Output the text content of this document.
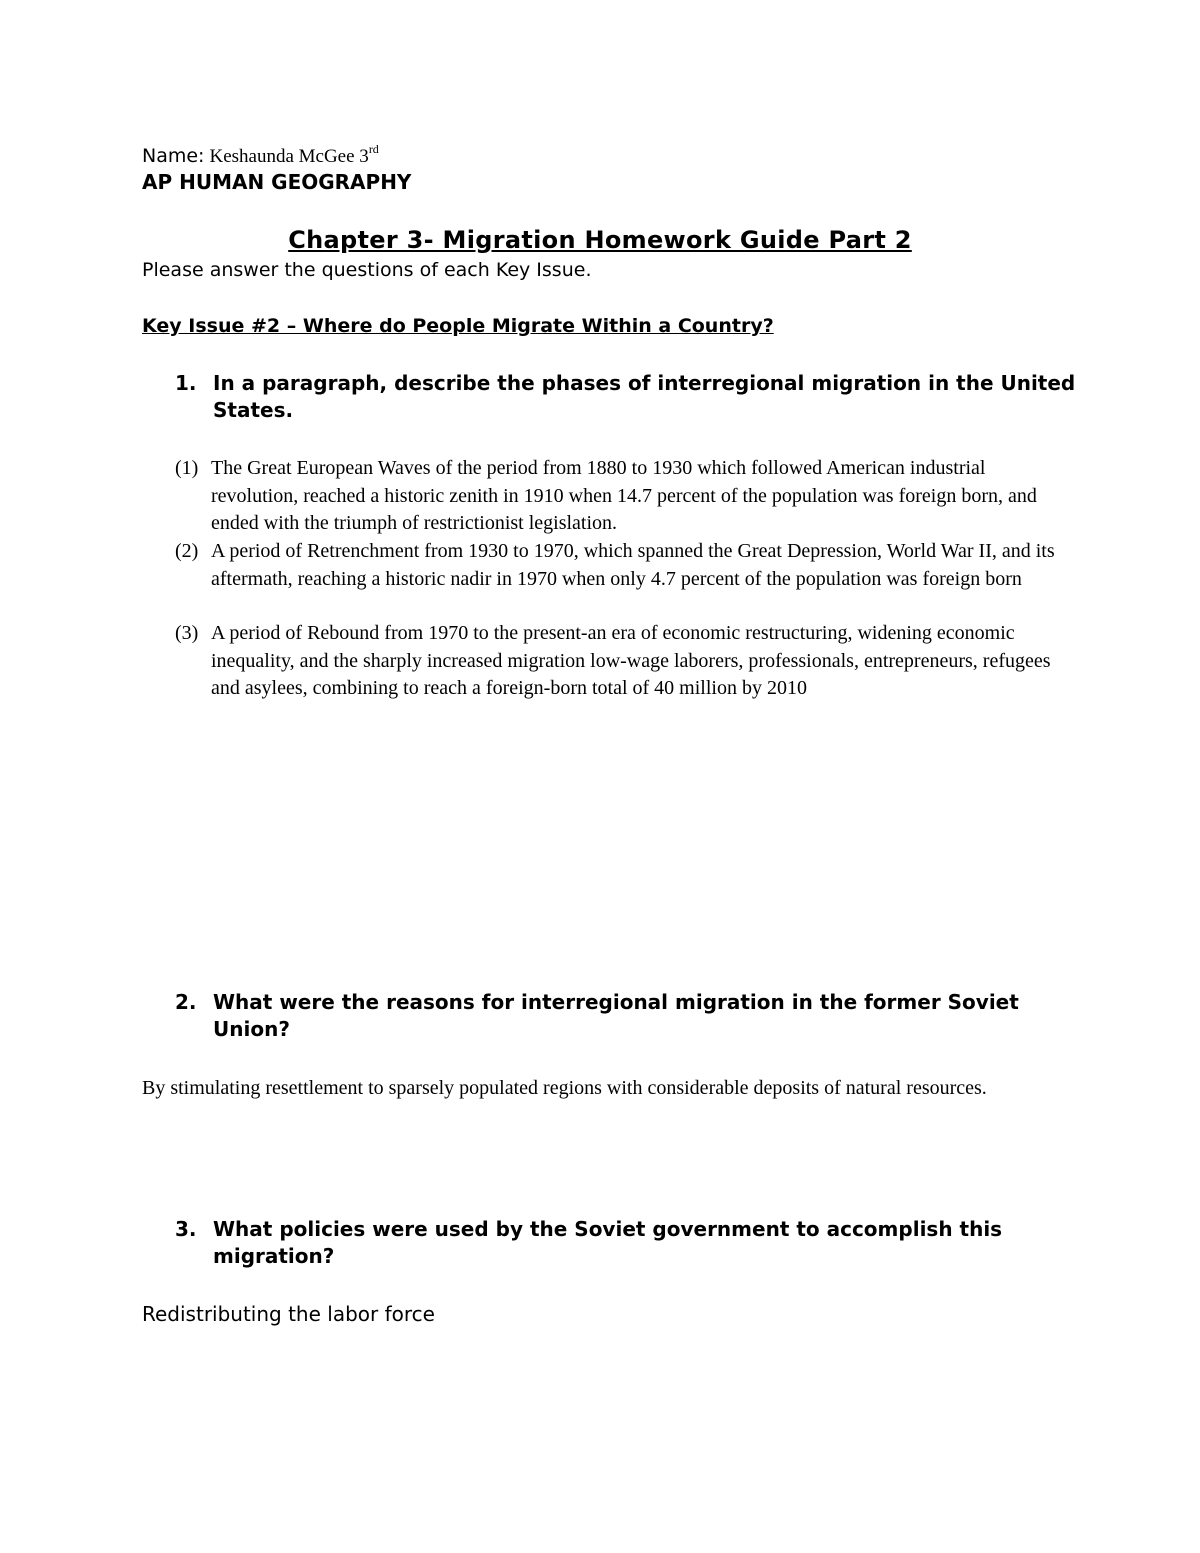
Name: Keshaunda McGee 3rd
AP HUMAN GEOGRAPHY
Chapter 3- Migration Homework Guide Part 2
Please answer the questions of each Key Issue.
Key Issue #2 – Where do People Migrate Within a Country?
1. In a paragraph, describe the phases of interregional migration in the United States.
(1) The Great European Waves of the period from 1880 to 1930 which followed American industrial revolution, reached a historic zenith in 1910 when 14.7 percent of the population was foreign born, and ended with the triumph of restrictionist legislation.
(2) A period of Retrenchment from 1930 to 1970, which spanned the Great Depression, World War II, and its aftermath, reaching a historic nadir in 1970 when only 4.7 percent of the population was foreign born
(3) A period of Rebound from 1970 to the present-an era of economic restructuring, widening economic inequality, and the sharply increased migration low-wage laborers, professionals, entrepreneurs, refugees and asylees, combining to reach a foreign-born total of 40 million by 2010
2. What were the reasons for interregional migration in the former Soviet Union?
By stimulating resettlement to sparsely populated regions with considerable deposits of natural resources.
3. What policies were used by the Soviet government to accomplish this migration?
Redistributing the labor force
